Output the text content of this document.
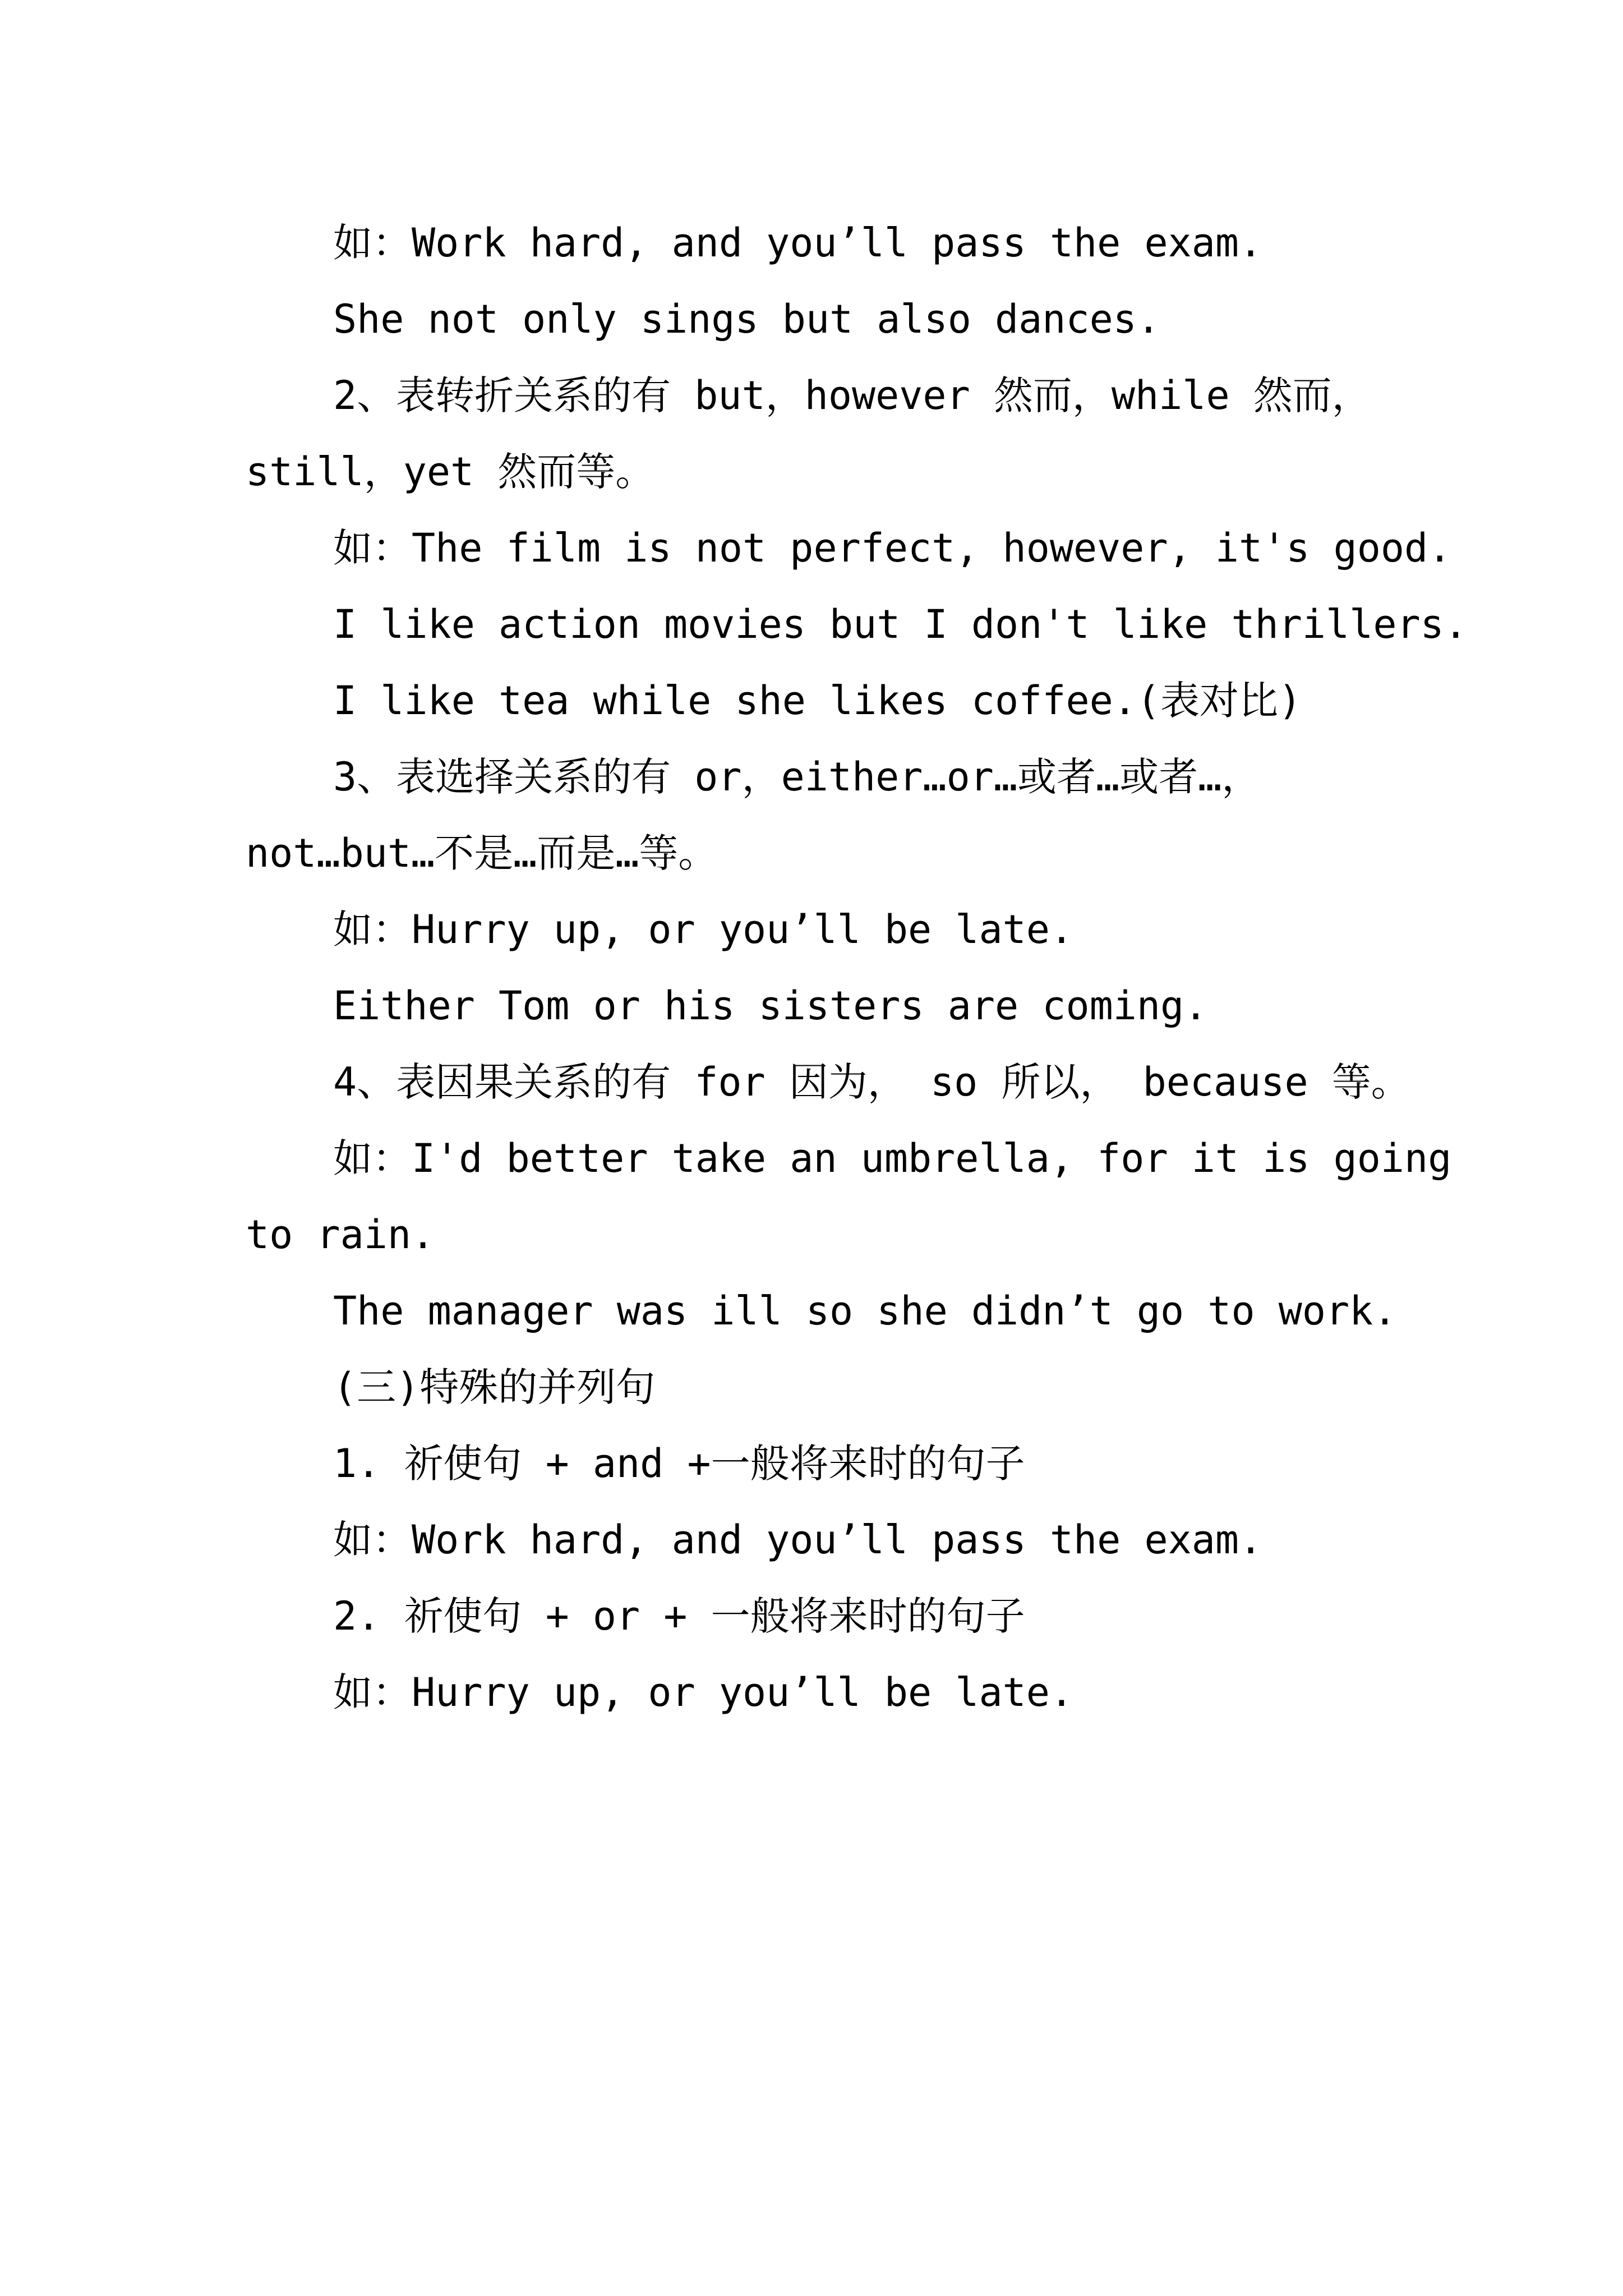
如：Work hard, and you’ll pass the exam.
She not only sings but also dances.
2、表转折关系的有 but，however 然而，while 然而，
still，yet 然而等。
如：The film is not perfect, however, it's good.
I like action movies but I don't like thrillers.
I like tea while she likes coffee.(表对比)
3、表选择关系的有 or，either…or…或者…或者…，
not…but…不是…而是…等。
如：Hurry up, or you’ll be late.
Either Tom or his sisters are coming.
4、表因果关系的有 for 因为， so 所以， because 等。
如：I'd better take an umbrella, for it is going
to rain.
The manager was ill so she didn’t go to work.
(三)特殊的并列句
1. 祈使句 + and +一般将来时的句子
如：Work hard, and you’ll pass the exam.
2. 祈使句 + or + 一般将来时的句子
如：Hurry up, or you’ll be late.
